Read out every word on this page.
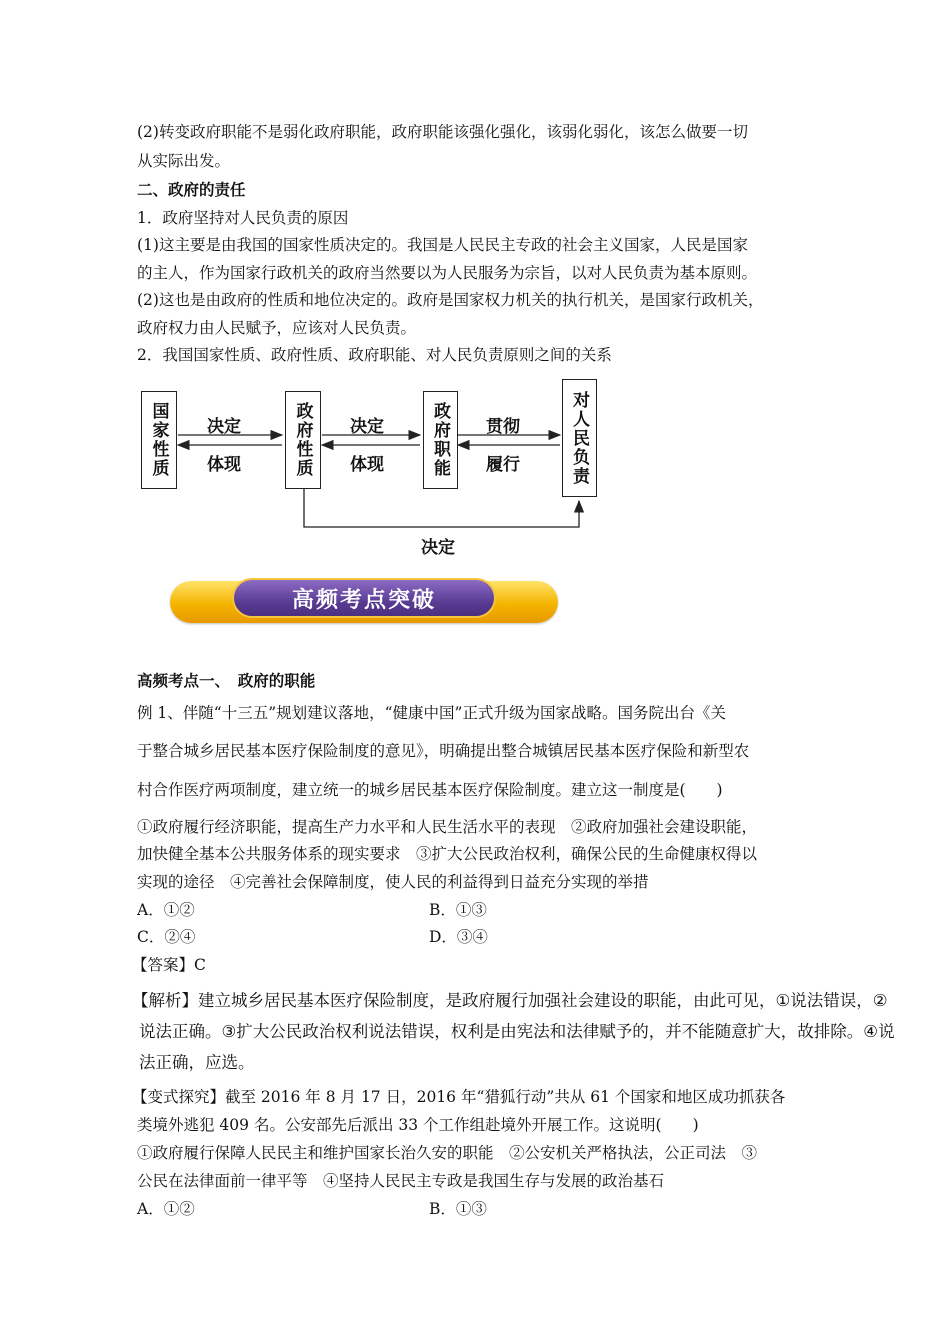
(2)转变政府职能不是弱化政府职能，政府职能该强化强化，该弱化弱化，该怎么做要一切

从实际出发。

二、政府的责任

1．政府坚持对人民负责的原因

(1)这主要是由我国的国家性质决定的。我国是人民民主专政的社会主义国家，人民是国家

的主人，作为国家行政机关的政府当然要以为人民服务为宗旨，以对人民负责为基本原则。

(2)这也是由政府的性质和地位决定的。政府是国家权力机关的执行机关，是国家行政机关，

政府权力由人民赋予，应该对人民负责。

2．我国国家性质、政府性质、政府职能、对人民负责原则之间的关系

国家性质	政府性质	政府职能	对人民负责
决定
体现
决定
体现
贯彻
履行
决定
高频考点突破

高频考点一、　政府的职能

例 1、伴随“十三五”规划建议落地，“健康中国”正式升级为国家战略。国务院出台《关

于整合城乡居民基本医疗保险制度的意见》，明确提出整合城镇居民基本医疗保险和新型农

村合作医疗两项制度，建立统一的城乡居民基本医疗保险制度。建立这一制度是(　　)

①政府履行经济职能，提高生产力水平和人民生活水平的表现　②政府加强社会建设职能，

加快健全基本公共服务体系的现实要求　③扩大公民政治权利，确保公民的生命健康权得以

实现的途径　④完善社会保障制度，使人民的利益得到日益充分实现的举措

A．①②	B．①③
C．②④	D．③④

【答案】C

【解析】建立城乡居民基本医疗保险制度，是政府履行加强社会建设的职能，由此可见，①说法错误，②

说法正确。③扩大公民政治权利说法错误，权利是由宪法和法律赋予的，并不能随意扩大，故排除。④说

法正确，应选。

【变式探究】截至 2016 年 8 月 17 日，2016 年“猎狐行动”共从 61 个国家和地区成功抓获各

类境外逃犯 409 名。公安部先后派出 33 个工作组赴境外开展工作。这说明(　　)

①政府履行保障人民民主和维护国家长治久安的职能　②公安机关严格执法，公正司法　③

公民在法律面前一律平等　④坚持人民民主专政是我国生存与发展的政治基石

A．①②	B．①③
